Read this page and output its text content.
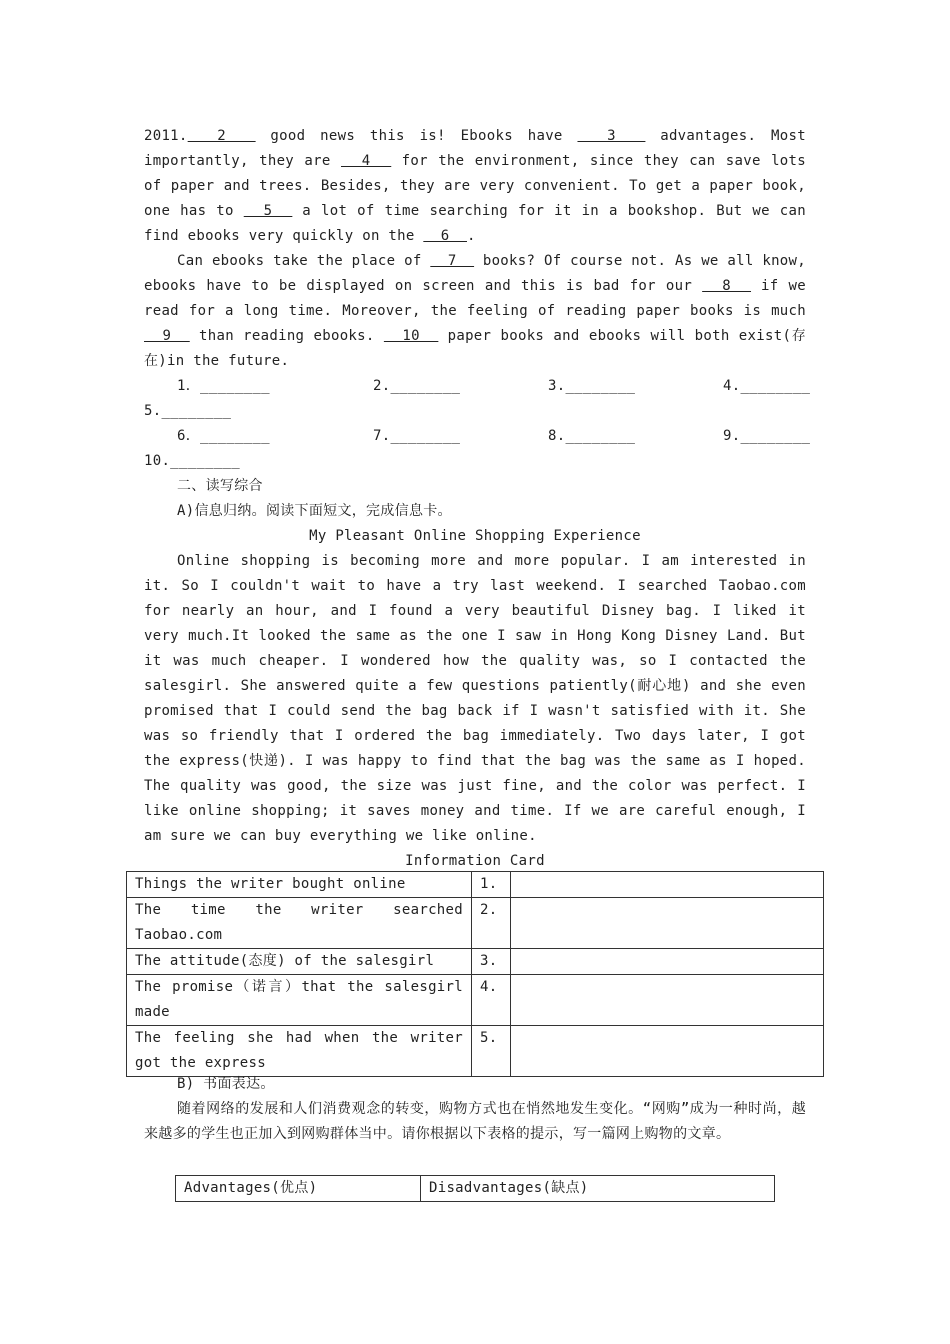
2011.  2   good news this is! Ebooks have   3   advantages. Most importantly, they are   4   for the environment, since they can save lots of paper and trees. Besides, they are very convenient. To get a paper book, one has to   5   a lot of time searching for it in a bookshop. But we can find ebooks very quickly on the   6  .

Can ebooks take the place of   7   books? Of course not. As we all know, ebooks have to be displayed on screen and this is bad for our   8   if we read for a long time. Moreover, the feeling of reading paper books is much   9   than reading ebooks.   10   paper books and ebooks will both exist(存在)in the future.

1．________	2.________	3.________	4.________
5.________
6．________	7.________	8.________	9.________
10.________

二、读写综合

A)信息归纳。阅读下面短文，完成信息卡。

My Pleasant Online Shopping Experience

Online shopping is becoming more and more popular. I am interested in it. So I couldn't wait to have a try last weekend. I searched Taobao.com for nearly an hour, and I found a very beautiful Disney bag. I liked it very much.It looked the same as the one I saw in Hong Kong Disney Land. But it was much cheaper. I wondered how the quality was, so I contacted the salesgirl. She answered quite a few questions patiently(耐心地) and she even promised that I could send the bag back if I wasn't satisfied with it. She was so friendly that I ordered the bag immediately. Two days later, I got the express(快递). I was happy to find that the bag was the same as I hoped. The quality was good, the size was just fine, and the color was perfect. I like online shopping; it saves money and time. If we are careful enough, I am sure we can buy everything we like online.

Information Card

Things the writer bought online	1.	
The time the writer searched Taobao.com	2.	
The attitude(态度) of the salesgirl	3.	
The promise（诺言）that the salesgirl made	4.	
The feeling she had when the writer got the express	5.	

B) 书面表达。

随着网络的发展和人们消费观念的转变，购物方式也在悄然地发生变化。“网购”成为一种时尚，越来越多的学生也正加入到网购群体当中。请你根据以下表格的提示，写一篇网上购物的文章。

Advantages(优点)	Disadvantages(缺点)
